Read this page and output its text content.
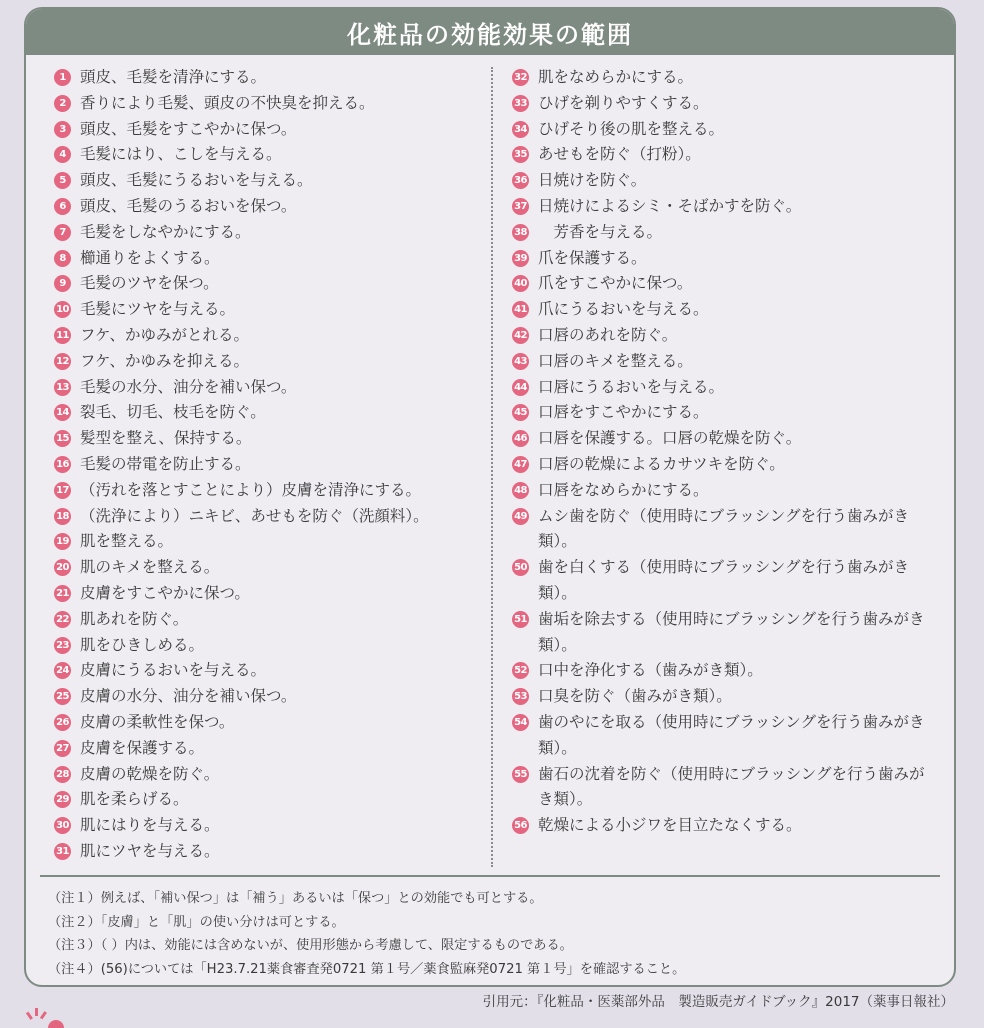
化粧品の効能効果の範囲
1 頭皮、毛髪を清浄にする。
2 香りにより毛髪、頭皮の不快臭を抑える。
3 頭皮、毛髪をすこやかに保つ。
4 毛髪にはり、こしを与える。
5 頭皮、毛髪にうるおいを与える。
6 頭皮、毛髪のうるおいを保つ。
7 毛髪をしなやかにする。
8 櫛通りをよくする。
9 毛髪のツヤを保つ。
10 毛髪にツヤを与える。
11 フケ、かゆみがとれる。
12 フケ、かゆみを抑える。
13 毛髪の水分、油分を補い保つ。
14 裂毛、切毛、枝毛を防ぐ。
15 髪型を整え、保持する。
16 毛髪の帯電を防止する。
17 （汚れを落とすことにより）皮膚を清浄にする。
18 （洗浄により）ニキビ、あせもを防ぐ（洗顔料）。
19 肌を整える。
20 肌のキメを整える。
21 皮膚をすこやかに保つ。
22 肌あれを防ぐ。
23 肌をひきしめる。
24 皮膚にうるおいを与える。
25 皮膚の水分、油分を補い保つ。
26 皮膚の柔軟性を保つ。
27 皮膚を保護する。
28 皮膚の乾燥を防ぐ。
29 肌を柔らげる。
30 肌にはりを与える。
31 肌にツヤを与える。
32 肌をなめらかにする。
33 ひげを剃りやすくする。
34 ひげそり後の肌を整える。
35 あせもを防ぐ（打粉）。
36 日焼けを防ぐ。
37 日焼けによるシミ・そばかすを防ぐ。
38 　芳香を与える。
39 爪を保護する。
40 爪をすこやかに保つ。
41 爪にうるおいを与える。
42 口唇のあれを防ぐ。
43 口唇のキメを整える。
44 口唇にうるおいを与える。
45 口唇をすこやかにする。
46 口唇を保護する。口唇の乾燥を防ぐ。
47 口唇の乾燥によるカサツキを防ぐ。
48 口唇をなめらかにする。
49 ムシ歯を防ぐ（使用時にブラッシングを行う歯みがき類）。
50 歯を白くする（使用時にブラッシングを行う歯みがき類）。
51 歯垢を除去する（使用時にブラッシングを行う歯みがき類）。
52 口中を浄化する（歯みがき類）。
53 口臭を防ぐ（歯みがき類）。
54 歯のやにを取る（使用時にブラッシングを行う歯みがき類）。
55 歯石の沈着を防ぐ（使用時にブラッシングを行う歯みがき類）。
56 乾燥による小ジワを目立たなくする。
（注１）例えば、「補い保つ」は「補う」あるいは「保つ」との効能でも可とする。
（注２）「皮膚」と「肌」の使い分けは可とする。
（注３）（ ）内は、効能には含めないが、使用形態から考慮して、限定するものである。
（注４）(56)については「H23.7.21薬食審査発0721 第１号／薬食監麻発0721 第１号」を確認すること。
引用元：『化粧品・医薬部外品　製造販売ガイドブック』2017（薬事日報社）
